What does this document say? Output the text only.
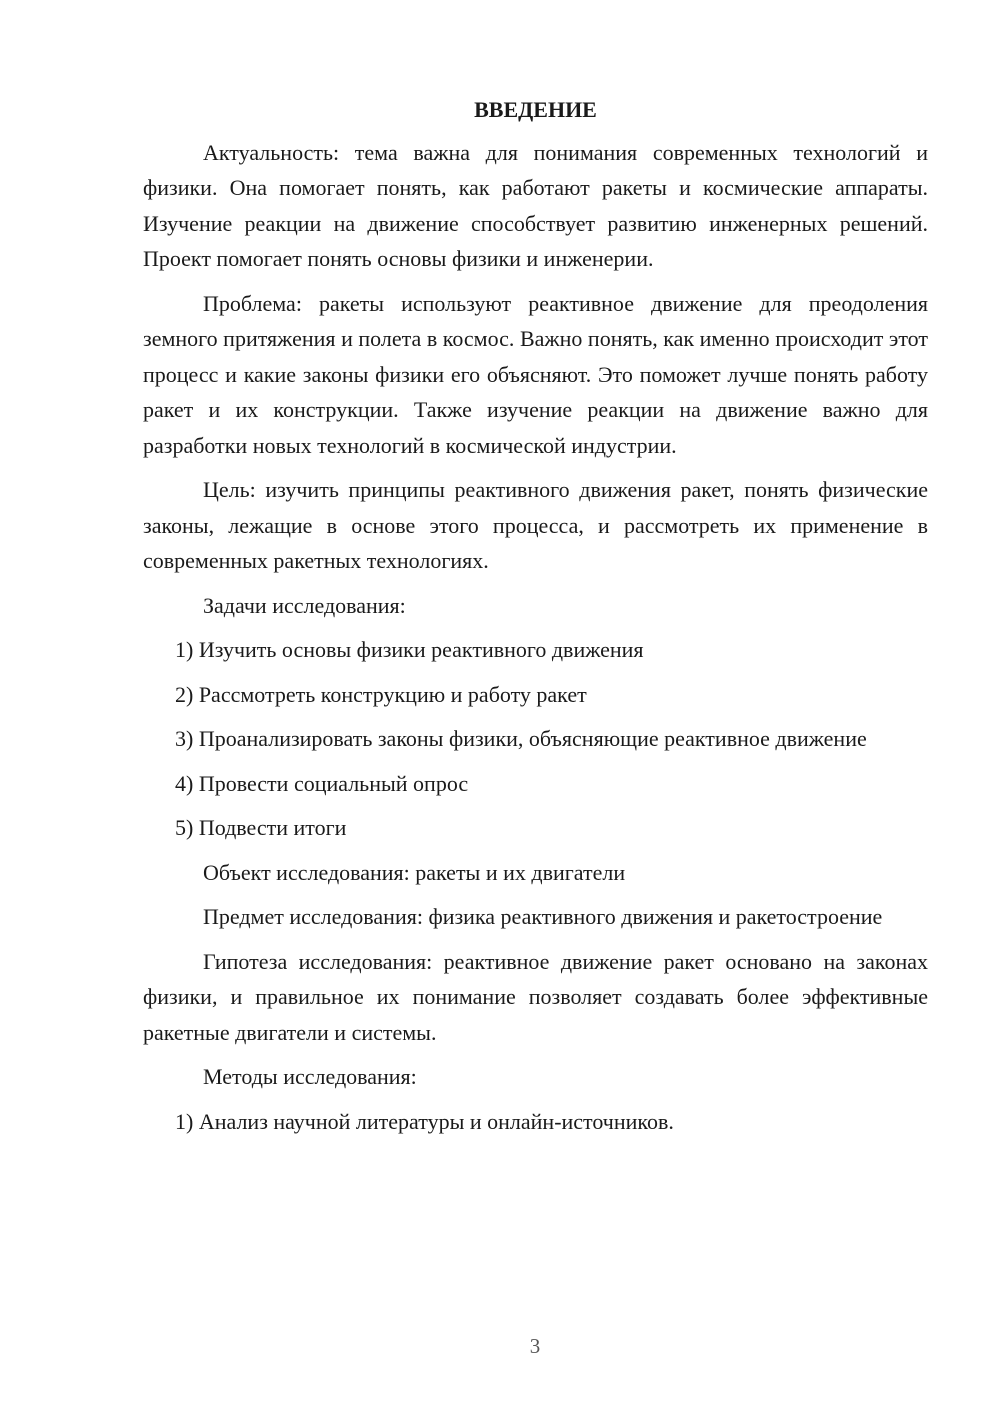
ВВЕДЕНИЕ

Актуальность: тема важна для понимания современных технологий и физики. Она помогает понять, как работают ракеты и космические аппараты. Изучение реакции на движение способствует развитию инженерных решений. Проект помогает понять основы физики и инженерии.

Проблема: ракеты используют реактивное движение для преодоления земного притяжения и полета в космос. Важно понять, как именно происходит этот процесс и какие законы физики его объясняют. Это поможет лучше понять работу ракет и их конструкции. Также изучение реакции на движение важно для разработки новых технологий в космической индустрии.

Цель: изучить принципы реактивного движения ракет, понять физические законы, лежащие в основе этого процесса, и рассмотреть их применение в современных ракетных технологиях.

Задачи исследования:

1) Изучить основы физики реактивного движения

2) Рассмотреть конструкцию и работу ракет

3) Проанализировать законы физики, объясняющие реактивное движение

4) Провести социальный опрос

5) Подвести итоги

Объект исследования: ракеты и их двигатели

Предмет исследования: физика реактивного движения и ракетостроение

Гипотеза исследования: реактивное движение ракет основано на законах физики, и правильное их понимание позволяет создавать более эффективные ракетные двигатели и системы.

Методы исследования:

1) Анализ научной литературы и онлайн-источников.

3
